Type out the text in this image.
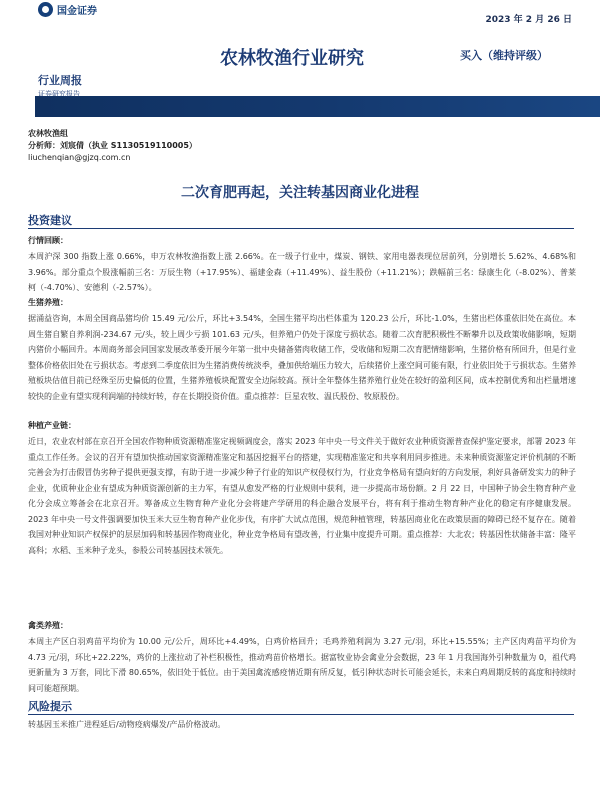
国金证券
2023 年 2 月 26 日
农林牧渔行业研究	买入（维持评级）
行业周报
证券研究报告
农林牧渔组
分析师：刘宸倩（执业 S1130519110005）
liuchenqian@gjzq.com.cn
二次育肥再起，关注转基因商业化进程
投资建议
行情回顾：

本周沪深 300 指数上涨 0.66%，申万农林牧渔指数上涨 2.66%。在一级子行业中，煤炭、钢铁、家用电器表现位居前列，分别增长 5.62%、4.68%和 3.96%。部分重点个股涨幅前三名：万辰生物（+17.95%）、福建金森（+11.49%）、益生股份（+11.21%）；跌幅前三名：绿康生化（-8.02%）、普莱柯（-4.70%）、安德利（-2.57%）。

生猪养殖：

据涌益咨询，本周全国商品猪均价 15.49 元/公斤，环比+3.54%，全国生猪平均出栏体重为 120.23 公斤，环比-1.0%，生猪出栏体重依旧处在高位。本周生猪自繁自养利润-234.67 元/头，较上周少亏损 101.63 元/头，但养殖户仍处于深度亏损状态。随着二次育肥积极性不断攀升以及政策收储影响，短期内猪价小幅回升。本周商务部会同国家发展改革委开展今年第一批中央储备猪肉收储工作，受收储和短期二次育肥情绪影响，生猪价格有所回升，但是行业整体价格依旧处在亏损状态。考虑到二季度依旧为生猪消费传统淡季，叠加供给端压力较大，后续猪价上涨空间可能有限，行业依旧处于亏损状态。生猪养殖板块估值目前已经殊至历史偏低的位置，生猪养殖板块配置安全边际较高。预计全年整体生猪养殖行业处在较好的盈利区间，成本控制优秀和出栏量增速较快的企业有望实现利润端的持续好转，存在长期投资价值。重点推荐：巨星农牧、温氏股份、牧原股份。

种植产业链：

近日，农业农村部在京召开全国农作物种质资源精准鉴定视频调度会，落实 2023 年中央一号文件关于做好农业种质资源普查保护鉴定要求，部署 2023 年重点工作任务。会议的召开有望加快推动国家资源精准鉴定和基因挖掘平台的搭建，实现精准鉴定和共享利用同步推进。未来种质资源鉴定评价机制的不断完善会为打击假冒伪劣种子提供更强支撑，有助于进一步减少种子行业的知识产权侵权行为，行业竞争格局有望向好的方向发展，利好具备研发实力的种子企业，优质种业企业有望成为种质资源创新的主力军，有望从愈发严格的行业规则中获利，进一步提高市场份额。2 月 22 日，中国种子协会生物育种产业化分会成立筹备会在北京召开。筹备成立生物育种产业化分会将建产学研用的科企融合发展平台，将有利于推动生物育种产业化的稳定有序健康发展。2023 年中央一号文件强调要加快玉米大豆生物育种产业化步伐，有序扩大试点范围，规范种植管理，转基因商业化在政策层面的障碍已经不复存在。随着我国对种业知识产权保护的层层加码和转基因作物商业化，种业竞争格局有望改善，行业集中度提升可期。重点推荐：大北农；转基因性状储备丰富：隆平高科；水稻、玉米种子龙头，参股公司转基因技术领先。

禽类养殖：

本周主产区白羽鸡苗平均价为 10.00 元/公斤，周环比+4.49%，白鸡价格回升；毛鸡养殖利润为 3.27 元/羽，环比+15.55%；主产区肉鸡苗平均价为 4.73 元/羽，环比+22.22%，鸡价的上涨拉动了补栏积极性，推动鸡苗价格增长。据富牧业协会禽业分会数据，23 年 1 月我国海外引种数量为 0，祖代鸡更新量为 3 万套，同比下滑 80.65%，依旧处于低位。由于美国禽流感疫情近期有所反复，低引种状态时长可能会延长，未来白鸡周期反转的高度和持续时间可能超预期。

风险提示

转基因玉米推广进程延后/动物疫病爆发/产品价格波动。
